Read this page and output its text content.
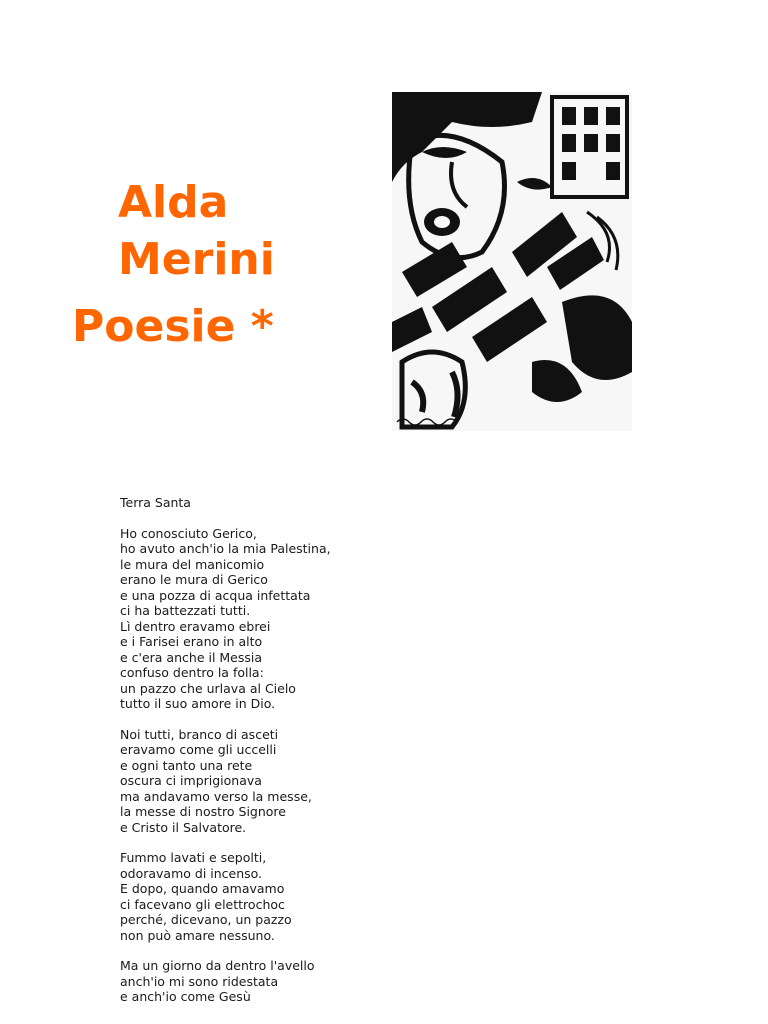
Alda
Merini
Poesie *
Terra Santa
Ho conosciuto Gerico,
ho avuto anch'io la mia Palestina,
le mura del manicomio
erano le mura di Gerico
e una pozza di acqua infettata
ci ha battezzati tutti.
Lì dentro eravamo ebrei
e i Farisei erano in alto
e c'era anche il Messia
confuso dentro la folla:
un pazzo che urlava al Cielo
tutto il suo amore in Dio.
Noi tutti, branco di asceti
eravamo come gli uccelli
e ogni tanto una rete
oscura ci imprigionava
ma andavamo verso la messe,
la messe di nostro Signore
e Cristo il Salvatore.
Fummo lavati e sepolti,
odoravamo di incenso.
E dopo, quando amavamo
ci facevano gli elettrochoc
perché, dicevano, un pazzo
non può amare nessuno.
Ma un giorno da dentro l'avello
anch'io mi sono ridestata
e anch'io come Gesù
